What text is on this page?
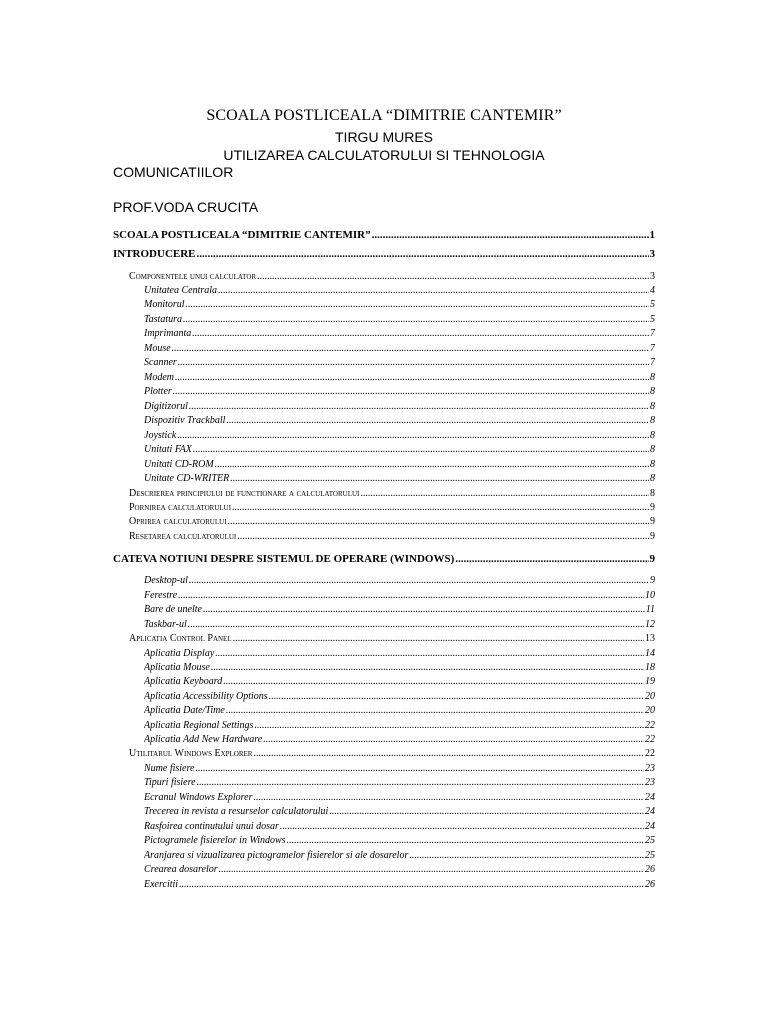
SCOALA POSTLICEALA “DIMITRIE CANTEMIR”
TIRGU MURES
UTILIZAREA CALCULATORULUI SI TEHNOLOGIA
COMUNICATIILOR
PROF.VODA CRUCITA
SCOALA POSTLICEALA “DIMITRIE CANTEMIR” .....	1
INTRODUCERE .....	3
Componentele unui calculator .....	3
Unitatea Centrala .....	4
Monitorul .....	5
Tastatura .....	5
Imprimanta .....	7
Mouse .....	7
Scanner .....	7
Modem .....	8
Plotter .....	8
Digitizorul .....	8
Dispozitiv Trackball .....	8
Joystick .....	8
Unitati FAX .....	8
Unitati CD-ROM .....	8
Unitate CD-WRITER .....	8
Descrierea principiului de functionare a calculatorului .....	8
Pornirea calculatorului .....	9
Oprirea calculatorului .....	9
Resetarea calculatorului .....	9
CATEVA NOTIUNI DESPRE SISTEMUL DE OPERARE (WINDOWS) .....	9
Desktop-ul .....	9
Ferestre .....	10
Bare de unelte .....	11
Taskbar-ul .....	12
Aplicatia Control Panel .....	13
Aplicatia Display .....	14
Aplicatia Mouse .....	18
Aplicatia Keyboard .....	19
Aplicatia Accessibility Options .....	20
Aplicatia Date/Time .....	20
Aplicatia Regional Settings .....	22
Aplicatia Add New Hardware .....	22
Utilitarul Windows Explorer .....	22
Nume fisiere .....	23
Tipuri fisiere .....	23
Ecranul Windows Explorer .....	24
Trecerea in revista a resurselor calculatorului .....	24
Rasfoirea continutului unui dosar .....	24
Pictogramele fisierelor in Windows .....	25
Aranjarea si vizualizarea pictogramelor fisierelor si ale dosarelor .....	25
Crearea dosarelor .....	26
Exercitii .....	26
